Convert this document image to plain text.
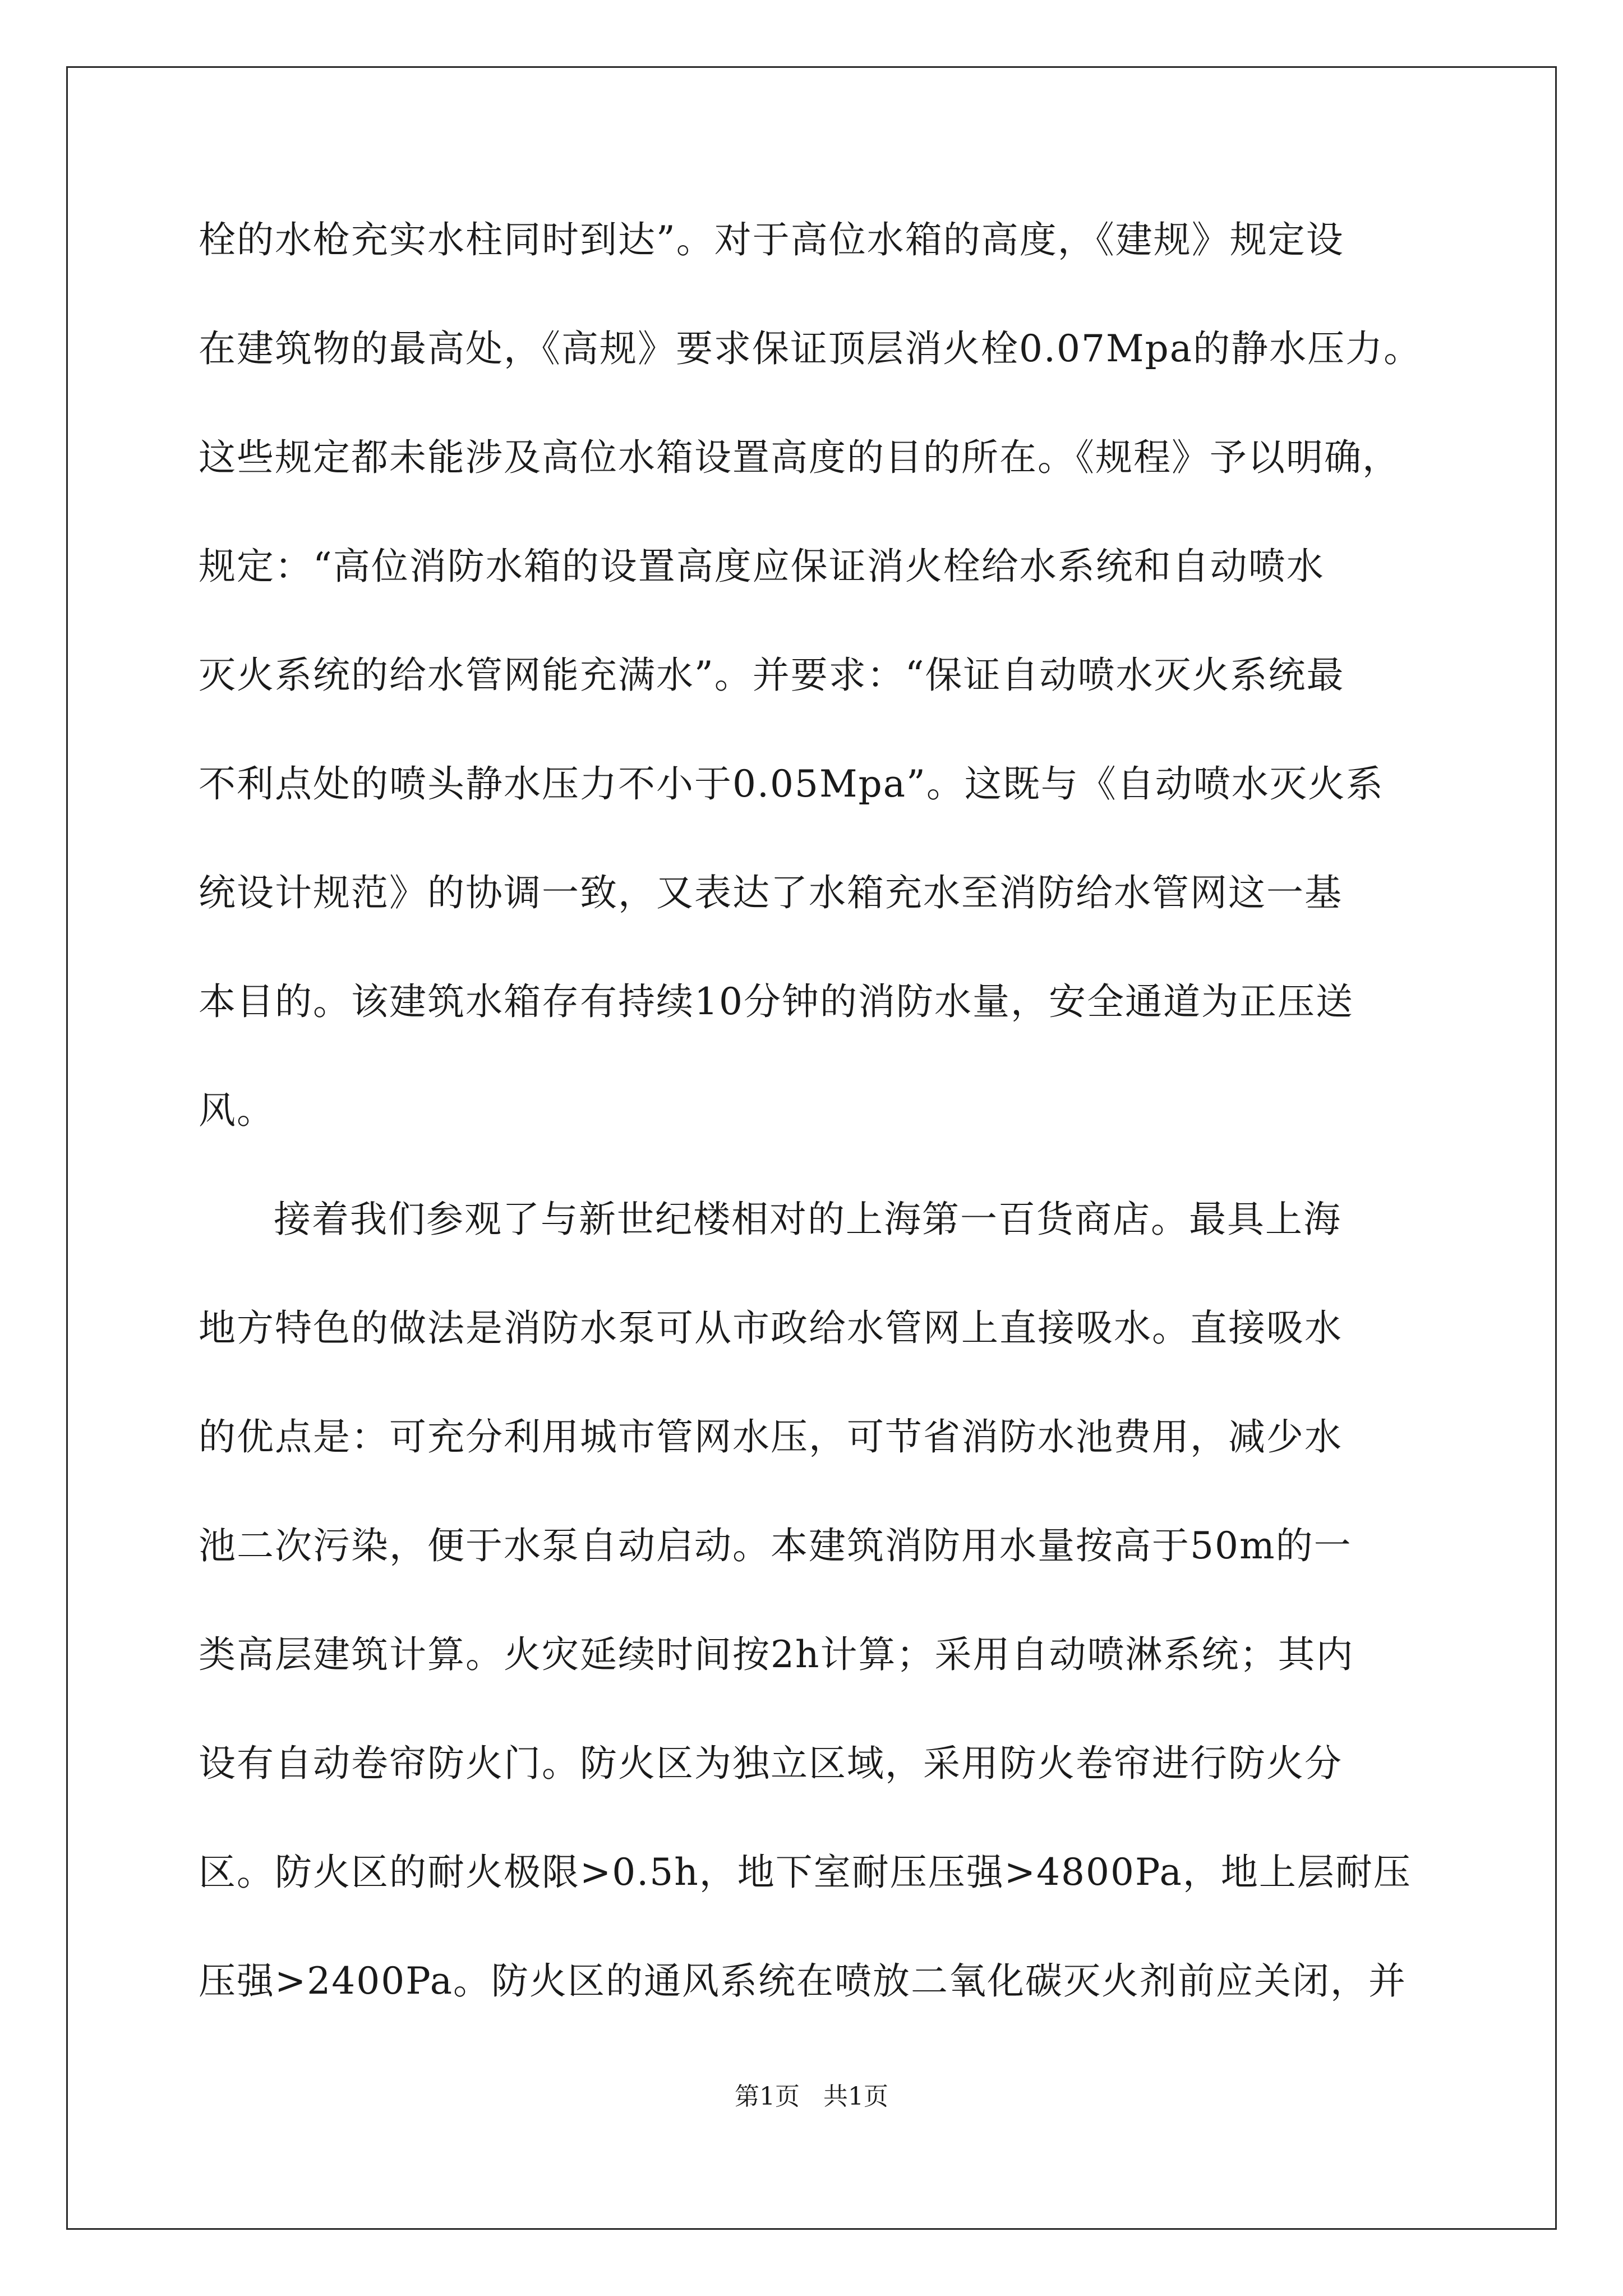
栓的水枪充实水柱同时到达”。对于高位水箱的高度，《建规》规定设
在建筑物的最高处，《高规》要求保证顶层消火栓0.07Mpa的静水压力。
这些规定都未能涉及高位水箱设置高度的目的所在。《规程》予以明确，
规定：“高位消防水箱的设置高度应保证消火栓给水系统和自动喷水
灭火系统的给水管网能充满水”。并要求：“保证自动喷水灭火系统最
不利点处的喷头静水压力不小于0.05Mpa”。这既与《自动喷水灭火系
统设计规范》的协调一致，又表达了水箱充水至消防给水管网这一基
本目的。该建筑水箱存有持续10分钟的消防水量，安全通道为正压送
风。
接着我们参观了与新世纪楼相对的上海第一百货商店。最具上海
地方特色的做法是消防水泵可从市政给水管网上直接吸水。直接吸水
的优点是：可充分利用城市管网水压，可节省消防水池费用，减少水
池二次污染，便于水泵自动启动。本建筑消防用水量按高于50m的一
类高层建筑计算。火灾延续时间按2h计算；采用自动喷淋系统；其内
设有自动卷帘防火门。防火区为独立区域，采用防火卷帘进行防火分
区。防火区的耐火极限>0.5h，地下室耐压压强>4800Pa，地上层耐压
压强>2400Pa。防火区的通风系统在喷放二氧化碳灭火剂前应关闭，并
第1页   共1页
